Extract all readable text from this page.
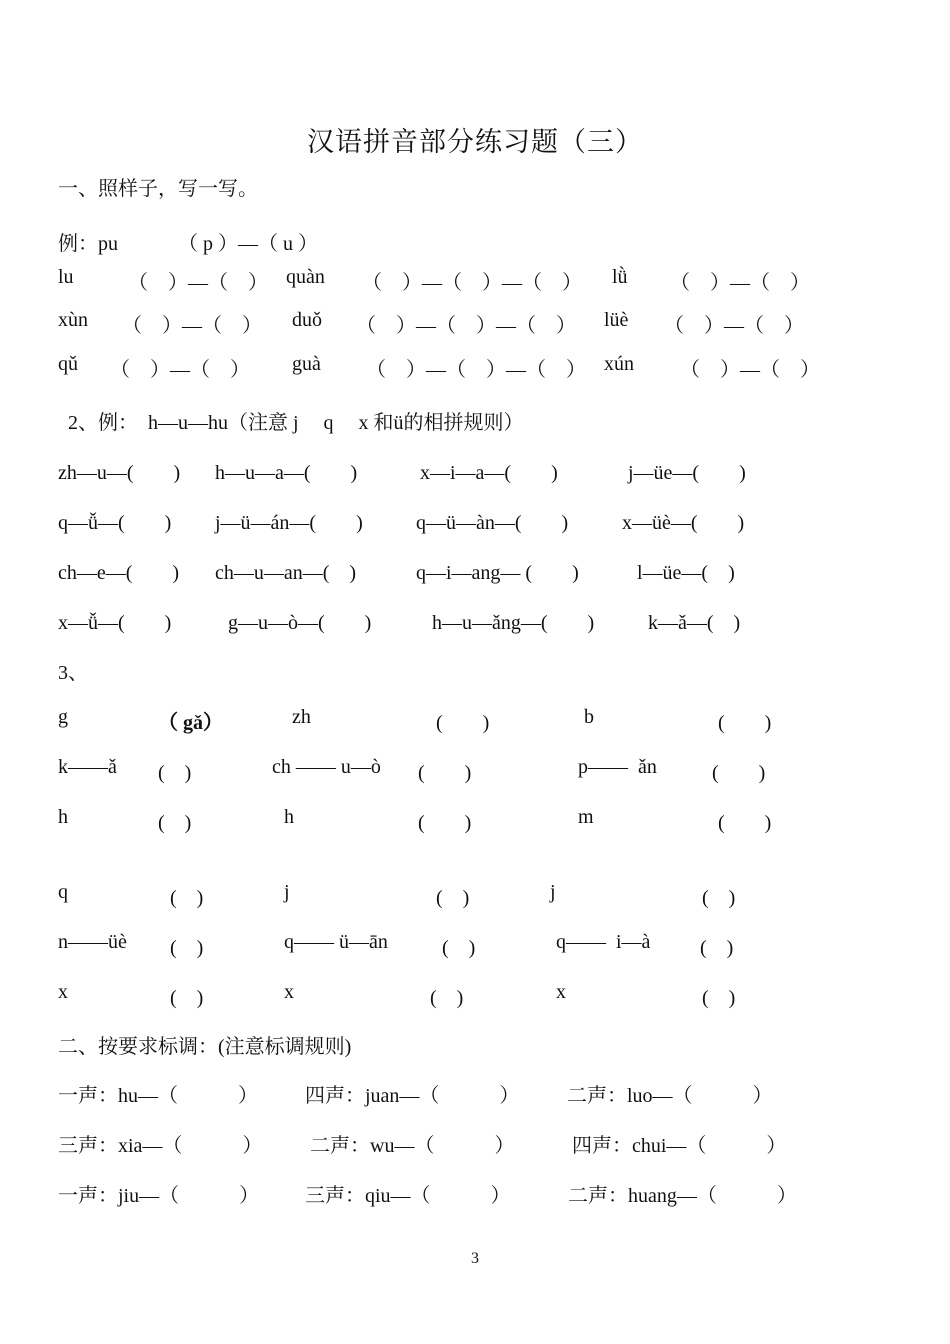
汉语拼音部分练习题（三）
一、照样子，写一写。
例：pu	（ p ）—（ u ）
lu	（　）—（　） quàn （　）—（　）—（　） lǜ （　）—（　）
xùn （　）—（　） duǒ （　）—（　）—（　） lüè （　）—（　）
qǔ （　）—（　） guà （　）—（　）—（　） xún （　）—（　）
2、例：  h—u—hu（注意 j     q     x 和ü的相拼规则）
zh—u—(　　) h—u—a—(　　)	x—i—a—(　　)	j—üe—(　　)
q—ǚ—(　　) j—ü—án—(　　)	q—ü—àn—(　　)	x—üè—(　　)
ch—e—(　　) ch—u—an—(　)	q—i—ang— (　　)	l—üe—(　)
x—ǚ—(　　)	g—u—ò—(　　)	h—u—ǎng—(　　)	k—ǎ—(　)
3、
g	（ gǎ）	zh	(　　)	b	(　　)
k——ǎ (　)	ch —— u—ò (　　)	p——  ǎn	(　　)
h	(　)	h	(　　)	m	(　　)
q	(　)	j	(　)	j	(　)
n——üè (　)	q—— ü—ān	(　)	q——  i—à (　)
x	(　)	x	(　)	x	(　)
二、按要求标调：(注意标调规则)
一声：hu—（　　　） 四声：juan—（　　　） 二声：luo—（　　　）
三声：xia—（　　　） 二声：wu—（　　　）	四声：chui—（　　　）
一声：jiu—（　　　） 三声：qiu—（　　　）	二声：huang—（　　　）
3
